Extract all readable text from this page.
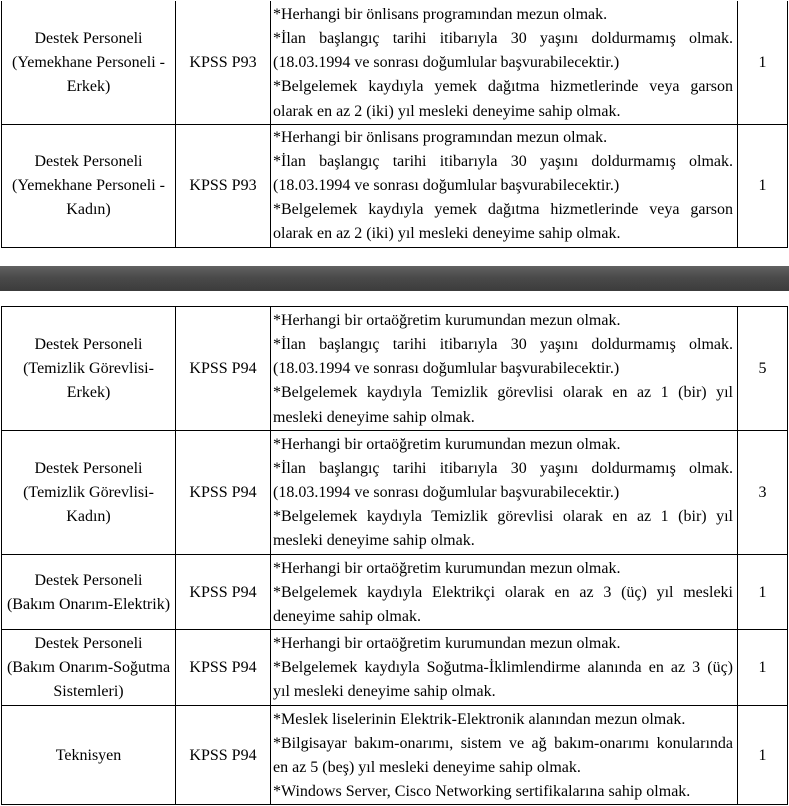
Destek Personeli
(Yemekhane Personeli -
Erkek)
KPSS P93
*Herhangi bir önlisans programından mezun olmak.
*İlan başlangıç tarihi itibarıyla 30 yaşını doldurmamış olmak.
(18.03.1994 ve sonrası doğumlular başvurabilecektir.)
*Belgelemek kaydıyla yemek dağıtma hizmetlerinde veya garson
olarak en az 2 (iki) yıl mesleki deneyime sahip olmak.
1
Destek Personeli
(Yemekhane Personeli -
Kadın)
KPSS P93
*Herhangi bir önlisans programından mezun olmak.
*İlan başlangıç tarihi itibarıyla 30 yaşını doldurmamış olmak.
(18.03.1994 ve sonrası doğumlular başvurabilecektir.)
*Belgelemek kaydıyla yemek dağıtma hizmetlerinde veya garson
olarak en az 2 (iki) yıl mesleki deneyime sahip olmak.
1
Destek Personeli
(Temizlik Görevlisi-
Erkek)
KPSS P94
*Herhangi bir ortaöğretim kurumundan mezun olmak.
*İlan başlangıç tarihi itibarıyla 30 yaşını doldurmamış olmak.
(18.03.1994 ve sonrası doğumlular başvurabilecektir.)
*Belgelemek kaydıyla Temizlik görevlisi olarak en az 1 (bir) yıl
mesleki deneyime sahip olmak.
5
Destek Personeli
(Temizlik Görevlisi-
Kadın)
KPSS P94
*Herhangi bir ortaöğretim kurumundan mezun olmak.
*İlan başlangıç tarihi itibarıyla 30 yaşını doldurmamış olmak.
(18.03.1994 ve sonrası doğumlular başvurabilecektir.)
*Belgelemek kaydıyla Temizlik görevlisi olarak en az 1 (bir) yıl
mesleki deneyime sahip olmak.
3
Destek Personeli
(Bakım Onarım-Elektrik)
KPSS P94
*Herhangi bir ortaöğretim kurumundan mezun olmak.
*Belgelemek kaydıyla Elektrikçi olarak en az 3 (üç) yıl mesleki
deneyime sahip olmak.
1
Destek Personeli
(Bakım Onarım-Soğutma
Sistemleri)
KPSS P94
*Herhangi bir ortaöğretim kurumundan mezun olmak.
*Belgelemek kaydıyla Soğutma-İklimlendirme alanında en az 3 (üç)
yıl mesleki deneyime sahip olmak.
1
Teknisyen	KPSS P94
*Meslek liselerinin Elektrik-Elektronik alanından mezun olmak.
*Bilgisayar bakım-onarımı, sistem ve ağ bakım-onarımı konularında
en az 5 (beş) yıl mesleki deneyime sahip olmak.
*Windows Server, Cisco Networking sertifikalarına sahip olmak.
1
